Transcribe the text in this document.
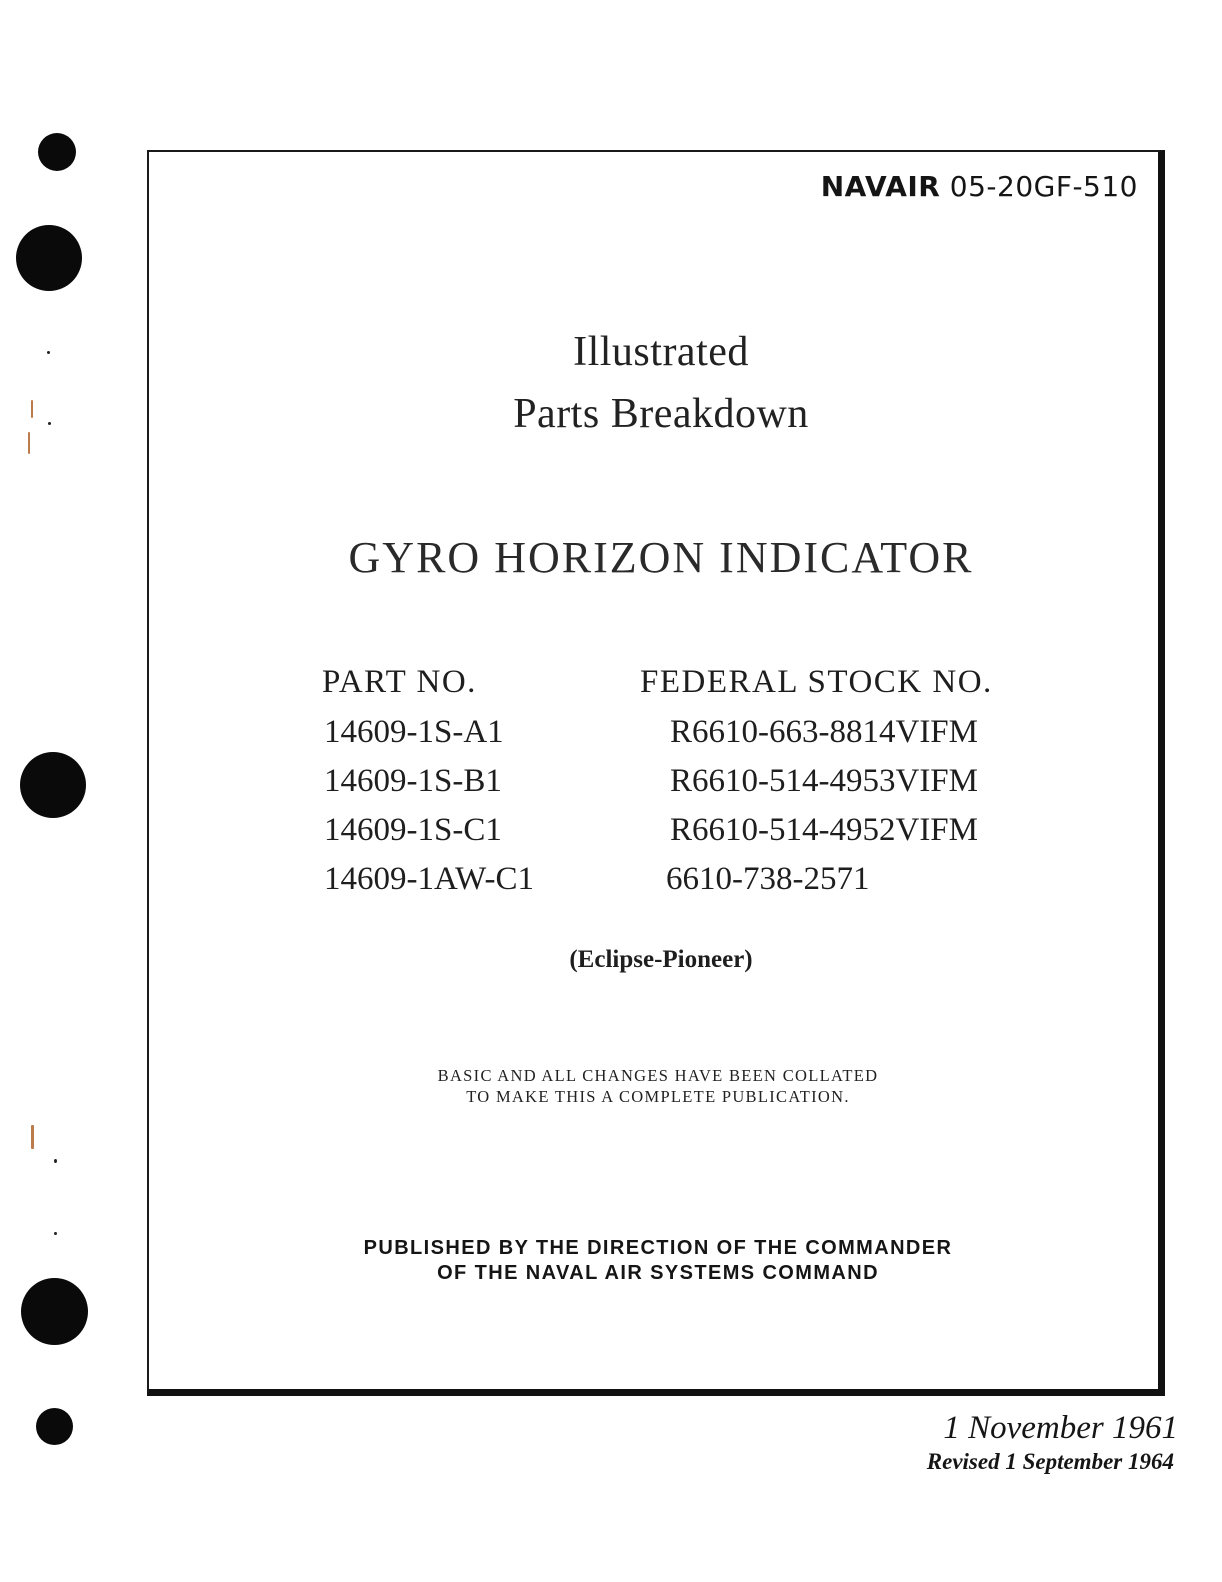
NAVAIR 05-20GF-510
Illustrated
Parts Breakdown
GYRO HORIZON INDICATOR
PART NO.	FEDERAL STOCK NO.
14609-1S-A1	R6610-663-8814VIFM
14609-1S-B1	R6610-514-4953VIFM
14609-1S-C1	R6610-514-4952VIFM
14609-1AW-C1	6610-738-2571
(Eclipse-Pioneer)
BASIC AND ALL CHANGES HAVE BEEN COLLATED
TO MAKE THIS A COMPLETE PUBLICATION.
PUBLISHED BY THE DIRECTION OF THE COMMANDER
OF THE NAVAL AIR SYSTEMS COMMAND
1 November 1961
Revised 1 September 1964
